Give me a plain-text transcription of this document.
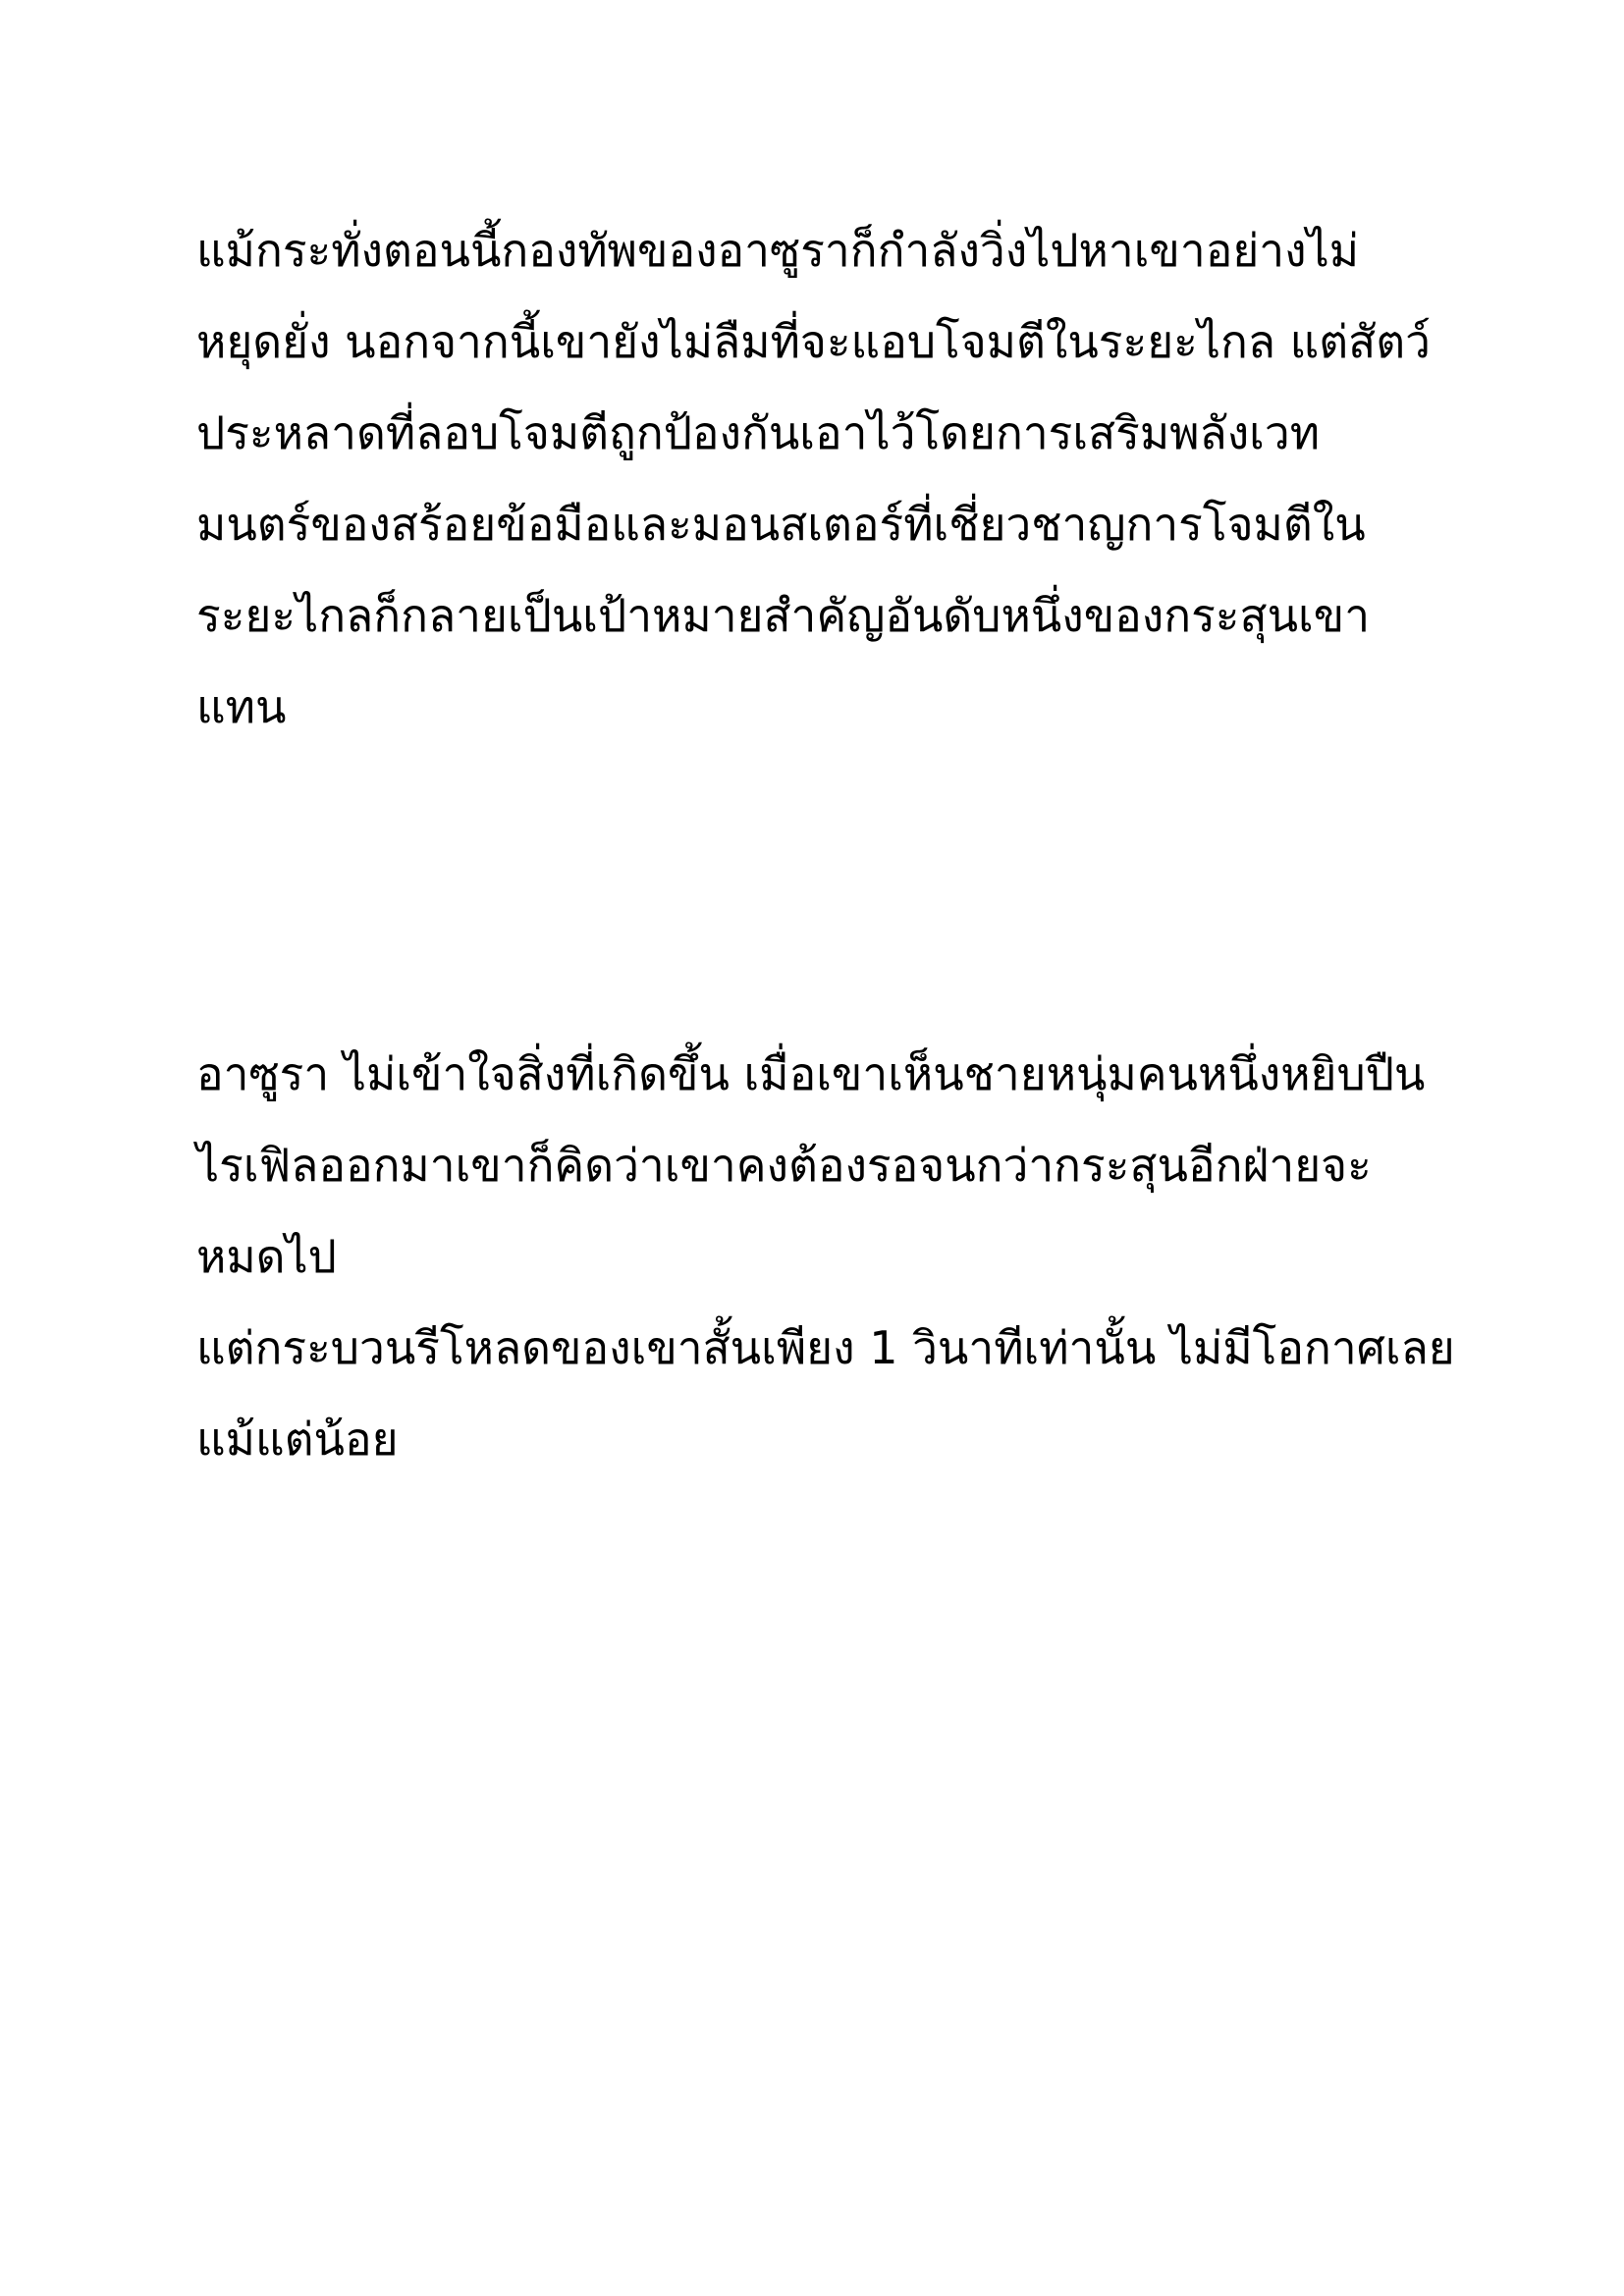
แม้กระทั่งตอนนี้กองทัพของอาซูราก็กำลังวิ่งไปหาเขาอย่างไม่
หยุดยั่ง นอกจากนี้เขายังไม่ลืมที่จะแอบโจมตีในระยะไกล แต่สัตว์
ประหลาดที่ลอบโจมตีถูกป้องกันเอาไว้โดยการเสริมพลังเวท
มนตร์ของสร้อยข้อมือและมอนสเตอร์ที่เชี่ยวชาญการโจมตีใน
ระยะไกลก็กลายเป็นเป้าหมายสำคัญอันดับหนึ่งของกระสุนเขา
แทน
อาซูรา ไม่เข้าใจสิ่งที่เกิดขึ้น เมื่อเขาเห็นชายหนุ่มคนหนึ่งหยิบปืน
ไรเฟิลออกมาเขาก็คิดว่าเขาคงต้องรอจนกว่ากระสุนอีกฝ่ายจะ
หมดไป
แต่กระบวนรีโหลดของเขาสั้นเพียง 1 วินาทีเท่านั้น ไม่มีโอกาศเลย
แม้แต่น้อย
